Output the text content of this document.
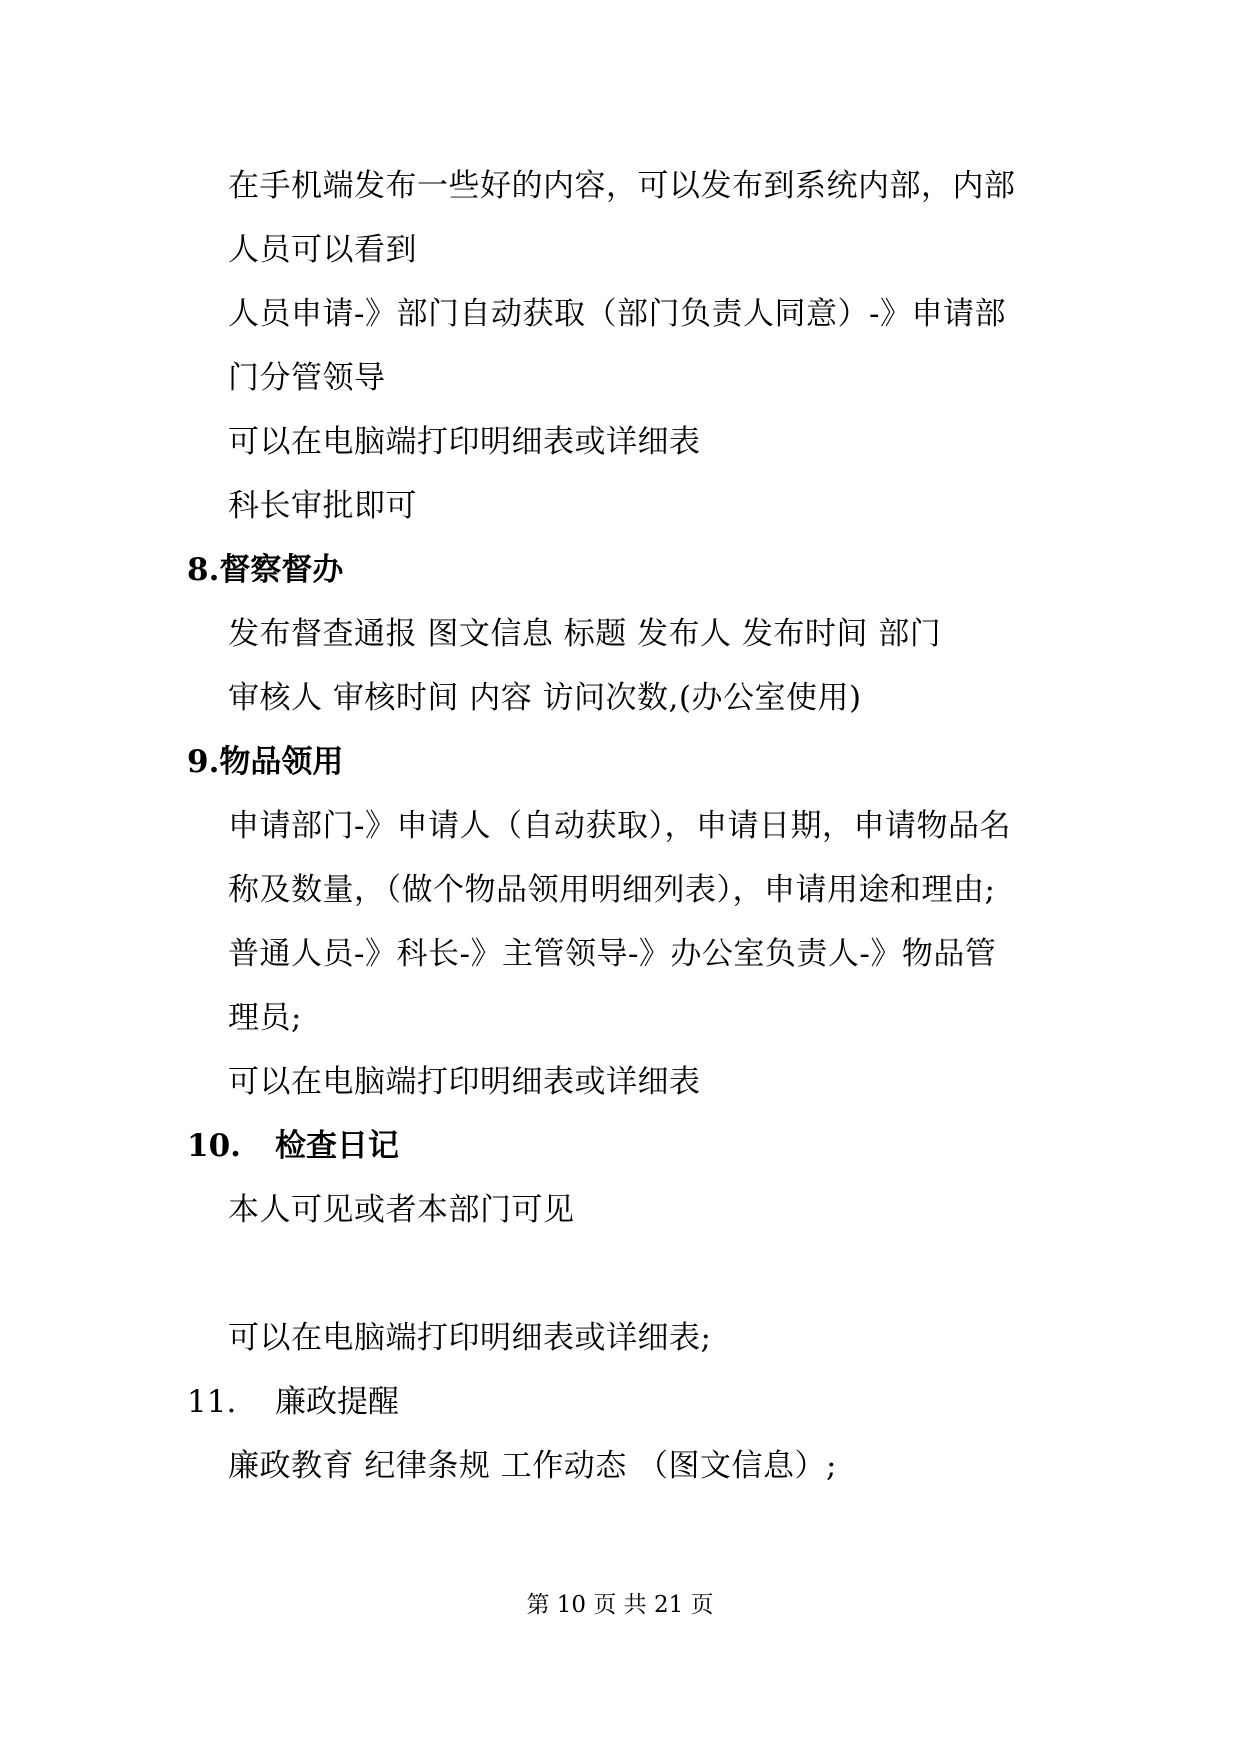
在手机端发布一些好的内容，可以发布到系统内部，内部
人员可以看到
人员申请-》部门自动获取（部门负责人同意）-》申请部
门分管领导
可以在电脑端打印明细表或详细表
科长审批即可
8.督察督办
发布督查通报 图文信息 标题 发布人 发布时间 部门
审核人 审核时间 内容 访问次数,(办公室使用)
9.物品领用
申请部门-》申请人（自动获取），申请日期，申请物品名
称及数量，（做个物品领用明细列表），申请用途和理由;
普通人员-》科长-》主管领导-》办公室负责人-》物品管
理员;
可以在电脑端打印明细表或详细表
10. 检查日记
本人可见或者本部门可见
可以在电脑端打印明细表或详细表;
11. 廉政提醒
廉政教育 纪律条规 工作动态 （图文信息）;
第 10 页 共 21 页
